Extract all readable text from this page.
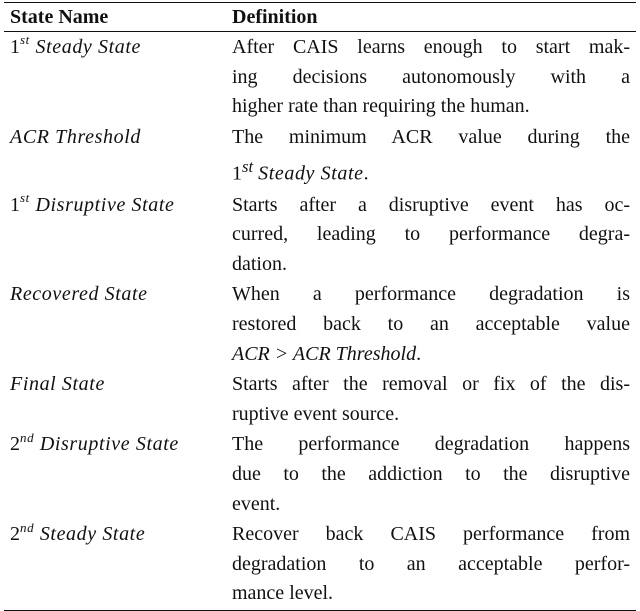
State Name	Definition
1st Steady State	After CAIS learns enough to start mak-
ing decisions autonomously with a
higher rate than requiring the human.

ACR Threshold	The minimum ACR value during the
1st Steady State.

1st Disruptive State	Starts after a disruptive event has oc-
curred, leading to performance degra-
dation.

Recovered State	When a performance degradation is
restored back to an acceptable value
ACR > ACR Threshold.

Final State	Starts after the removal or fix of the dis-
ruptive event source.

2nd Disruptive State	The performance degradation happens
due to the addiction to the disruptive
event.

2nd Steady State	Recover back CAIS performance from
degradation to an acceptable perfor-
mance level.
